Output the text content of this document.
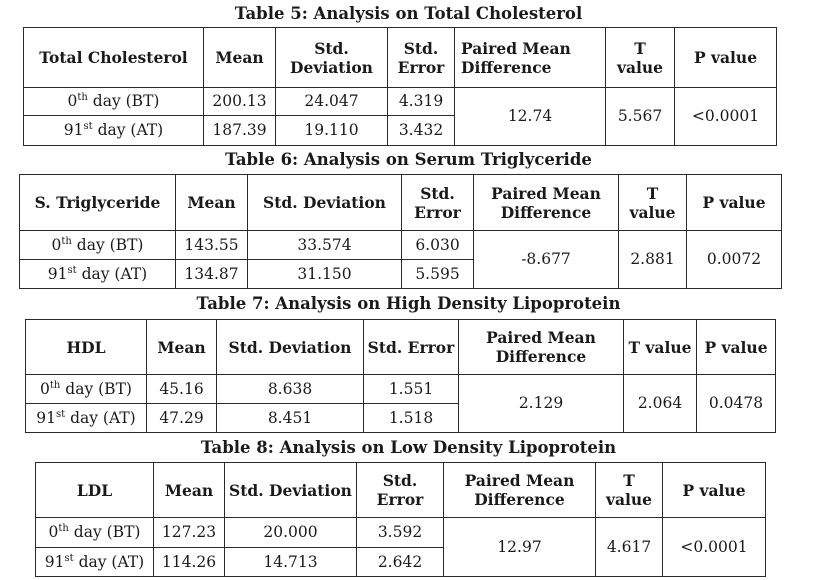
Table 5: Analysis on Total Cholesterol
Total Cholesterol	Mean	Std. Deviation	Std. Error	Paired Mean Difference	T value	P value
0th day (BT)	200.13	24.047	4.319	12.74	5.567	<0.0001
91st day (AT)	187.39	19.110	3.432			
Table 6: Analysis on Serum Triglyceride
S. Triglyceride	Mean	Std. Deviation	Std. Error	Paired Mean Difference	T value	P value
0th day (BT)	143.55	33.574	6.030	-8.677	2.881	0.0072
91st day (AT)	134.87	31.150	5.595			
Table 7: Analysis on High Density Lipoprotein
HDL	Mean	Std. Deviation	Std. Error	Paired Mean Difference	T value	P value
0th day (BT)	45.16	8.638	1.551	2.129	2.064	0.0478
91st day (AT)	47.29	8.451	1.518			
Table 8: Analysis on Low Density Lipoprotein
LDL	Mean	Std. Deviation	Std. Error	Paired Mean Difference	T value	P value
0th day (BT)	127.23	20.000	3.592	12.97	4.617	<0.0001
91st day (AT)	114.26	14.713	2.642			
